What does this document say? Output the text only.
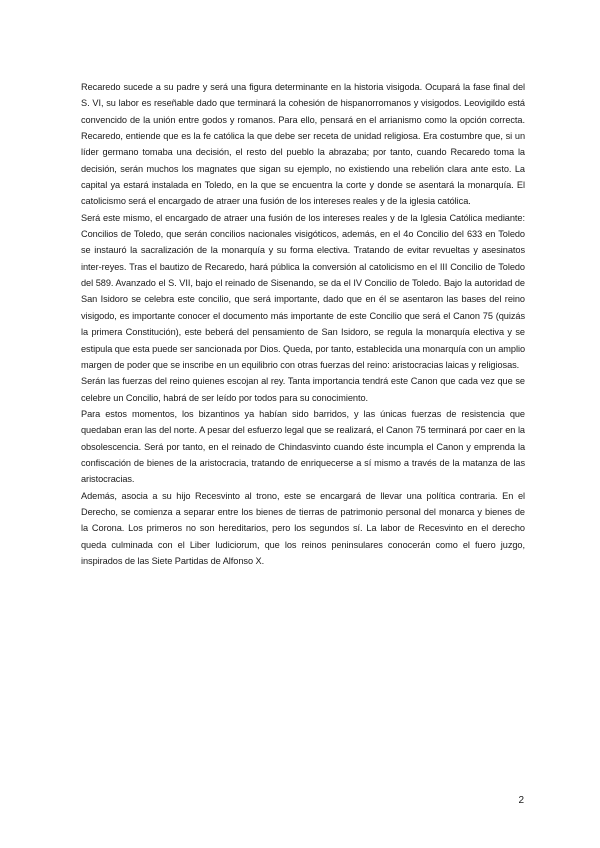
Recaredo sucede a su padre y será una figura determinante en la historia visigoda. Ocupará la fase final del S. VI, su labor es reseñable dado que terminará la cohesión de hispanorromanos y visigodos. Leovigildo está convencido de la unión entre godos y romanos. Para ello, pensará en el arrianismo como la opción correcta. Recaredo, entiende que es la fe católica la que debe ser receta de unidad religiosa. Era costumbre que, si un líder germano tomaba una decisión, el resto del pueblo la abrazaba; por tanto, cuando Recaredo toma la decisión, serán muchos los magnates que sigan su ejemplo, no existiendo una rebelión clara ante esto. La capital ya estará instalada en Toledo, en la que se encuentra la corte y donde se asentará la monarquía. El catolicismo será el encargado de atraer una fusión de los intereses reales y de la iglesia católica.

Será este mismo, el encargado de atraer una fusión de los intereses reales y de la Iglesia Católica mediante: Concilios de Toledo, que serán concilios nacionales visigóticos, además, en el 4o Concilio del 633 en Toledo se instauró la sacralización de la monarquía y su forma electiva. Tratando de evitar revueltas y asesinatos inter-reyes. Tras el bautizo de Recaredo, hará pública la conversión al catolicismo en el III Concilio de Toledo del 589. Avanzado el S. VII, bajo el reinado de Sisenando, se da el IV Concilio de Toledo. Bajo la autoridad de San Isidoro se celebra este concilio, que será importante, dado que en él se asentaron las bases del reino visigodo, es importante conocer el documento más importante de este Concilio que será el Canon 75 (quizás la primera Constitución), este beberá del pensamiento de San Isidoro, se regula la monarquía electiva y se estipula que esta puede ser sancionada por Dios. Queda, por tanto, establecida una monarquía con un amplio margen de poder que se inscribe en un equilibrio con otras fuerzas del reino: aristocracias laicas y religiosas.

Serán las fuerzas del reino quienes escojan al rey. Tanta importancia tendrá este Canon que cada vez que se celebre un Concilio, habrá de ser leído por todos para su conocimiento.

Para estos momentos, los bizantinos ya habían sido barridos, y las únicas fuerzas de resistencia que quedaban eran las del norte. A pesar del esfuerzo legal que se realizará, el Canon 75 terminará por caer en la obsolescencia. Será por tanto, en el reinado de Chindasvinto cuando éste incumpla el Canon y emprenda la confiscación de bienes de la aristocracia, tratando de enriquecerse a sí mismo a través de la matanza de las aristocracias.

Además, asocia a su hijo Recesvinto al trono, este se encargará de llevar una política contraria. En el Derecho, se comienza a separar entre los bienes de tierras de patrimonio personal del monarca y bienes de la Corona. Los primeros no son hereditarios, pero los segundos sí. La labor de Recesvinto en el derecho queda culminada con el Liber Iudiciorum, que los reinos peninsulares conocerán como el fuero juzgo, inspirados de las Siete Partidas de Alfonso X.

2
